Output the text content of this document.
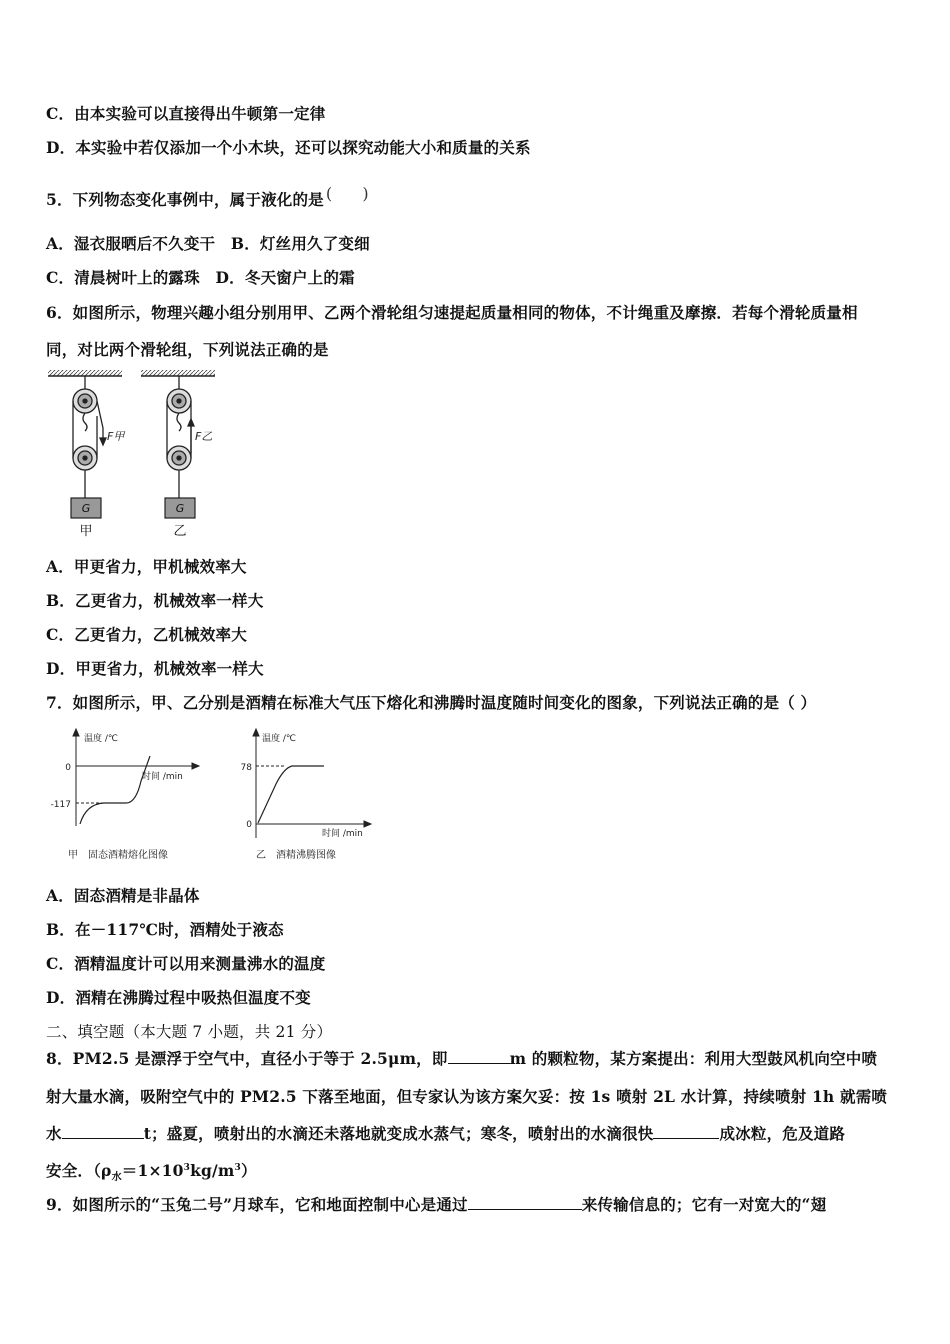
C．由本实验可以直接得出牛顿第一定律
D．本实验中若仅添加一个小木块，还可以探究动能大小和质量的关系
5．下列物态变化事例中，属于液化的是 ( )
A．湿衣服晒后不久变干　B．灯丝用久了变细
C．清晨树叶上的露珠　D．冬天窗户上的霜
6．如图所示，物理兴趣小组分别用甲、乙两个滑轮组匀速提起质量相同的物体，不计绳重及摩擦．若每个滑轮质量相
同，对比两个滑轮组，下列说法正确的是
F甲
G
甲
F乙
G
乙
A．甲更省力，甲机械效率大
B．乙更省力，机械效率一样大
C．乙更省力，乙机械效率大
D．甲更省力，机械效率一样大
7．如图所示，甲、乙分别是酒精在标准大气压下熔化和沸腾时温度随时间变化的图象，下列说法正确的是（ ）
温度 /℃
时间 /min
0
-117
甲　固态酒精熔化图像
温度 /℃
时间 /min
78
0
乙　酒精沸腾图像
A．固态酒精是非晶体
B．在－117℃时，酒精处于液态
C．酒精温度计可以用来测量沸水的温度
D．酒精在沸腾过程中吸热但温度不变
二、填空题（本大题 7 小题，共 21 分）
8．PM2.5 是漂浮于空气中，直径小于等于 2.5μm，即	m 的颗粒物，某方案提出：利用大型鼓风机向空中喷
射大量水滴，吸附空气中的 PM2.5 下落至地面，但专家认为该方案欠妥：按 1s 喷射 2L 水计算，持续喷射 1h 就需喷
水	t；盛夏，喷射出的水滴还未落地就变成水蒸气；寒冬，喷射出的水滴很快	成冰粒，危及道路
安全．$(\rho_水=1\times 10^3kg/m^3)$
9．如图所示的“玉兔二号”月球车，它和地面控制中心是通过	来传输信息的；它有一对宽大的“翅
